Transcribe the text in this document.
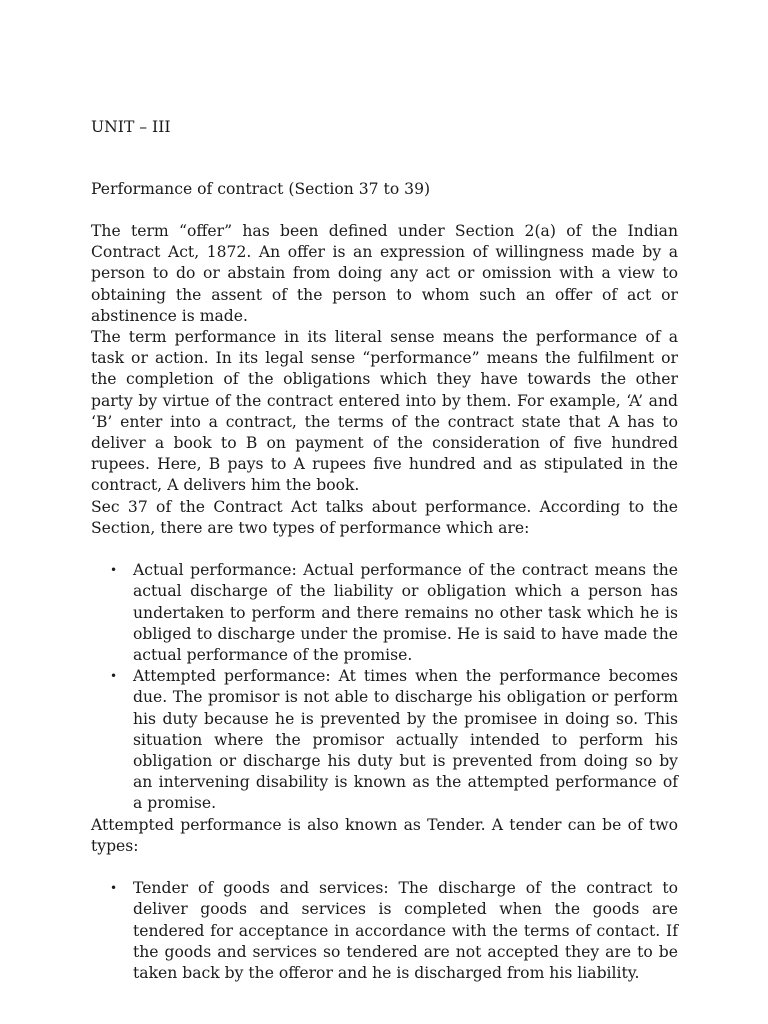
UNIT – III
Performance of contract (Section 37 to 39)

The term “offer” has been defined under Section 2(a) of the Indian Contract Act, 1872. An offer is an expression of willingness made by a person to do or abstain from doing any act or omission with a view to obtaining the assent of the person to whom such an offer of act or abstinence is made.

The term performance in its literal sense means the performance of a task or action. In its legal sense “performance” means the fulfilment or the completion of the obligations which they have towards the other party by virtue of the contract entered into by them. For example, ‘A’ and ‘B’ enter into a contract, the terms of the contract state that A has to deliver a book to B on payment of the consideration of five hundred rupees. Here, B pays to A rupees five hundred and as stipulated in the contract, A delivers him the book.

Sec 37 of the Contract Act talks about performance. According to the Section, there are two types of performance which are:

• Actual performance: Actual performance of the contract means the actual discharge of the liability or obligation which a person has undertaken to perform and there remains no other task which he is obliged to discharge under the promise. He is said to have made the actual performance of the promise.
• Attempted performance: At times when the performance becomes due. The promisor is not able to discharge his obligation or perform his duty because he is prevented by the promisee in doing so. This situation where the promisor actually intended to perform his obligation or discharge his duty but is prevented from doing so by an intervening disability is known as the attempted performance of a promise.

Attempted performance is also known as Tender. A tender can be of two types:

• Tender of goods and services: The discharge of the contract to deliver goods and services is completed when the goods are tendered for acceptance in accordance with the terms of contact. If the goods and services so tendered are not accepted they are to be taken back by the offeror and he is discharged from his liability.
